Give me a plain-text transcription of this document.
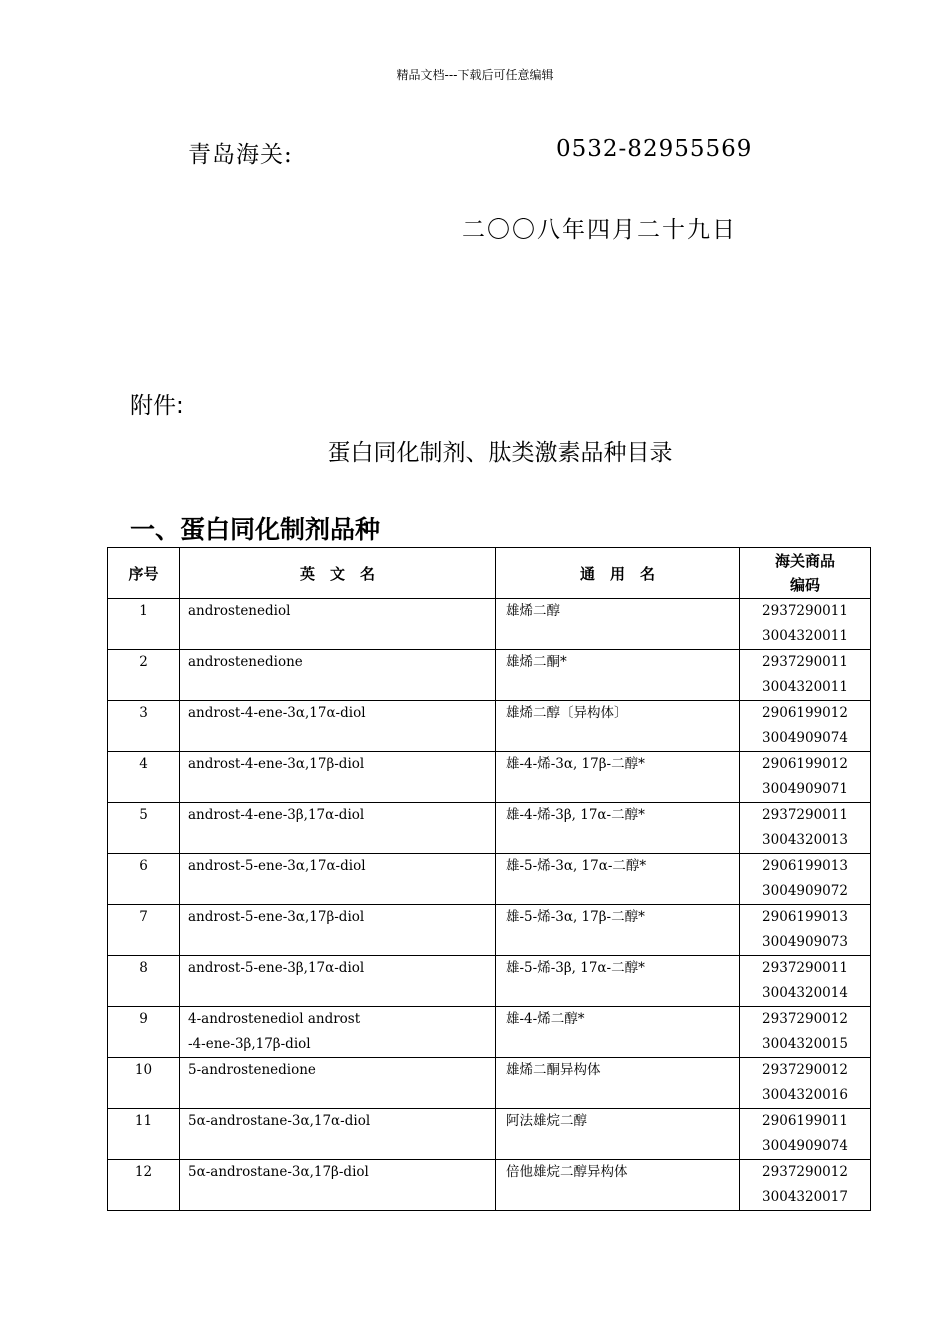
精品文档---下载后可任意编辑
青岛海关:	0532-82955569
二〇〇八年四月二十九日
附件:
蛋白同化制剂、肽类激素品种目录
一、蛋白同化制剂品种
序号	英　文　名	通　用　名	海关商品
编码

1	androstenediol	雄烯二醇	2937290011
3004320011

2	androstenedione	雄烯二酮*	2937290011
3004320011

3	androst-4-ene-3α,17α-diol	雄烯二醇〔异构体〕	2906199012
3004909074

4	androst-4-ene-3α,17β-diol	雄-4-烯-3α, 17β-二醇*	2906199012
3004909071

5	androst-4-ene-3β,17α-diol	雄-4-烯-3β, 17α-二醇*	2937290011
3004320013

6	androst-5-ene-3α,17α-diol	雄-5-烯-3α, 17α-二醇*	2906199013
3004909072

7	androst-5-ene-3α,17β-diol	雄-5-烯-3α, 17β-二醇*	2906199013
3004909073

8	androst-5-ene-3β,17α-diol	雄-5-烯-3β, 17α-二醇*	2937290011
3004320014

9	4-androstenediol androst
-4-ene-3β,17β-diol	雄-4-烯二醇*	2937290012
3004320015

10	5-androstenedione	雄烯二酮异构体	2937290012
3004320016

11	5α-androstane-3α,17α-diol	阿法雄烷二醇	2906199011
3004909074

12	5α-androstane-3α,17β-diol	倍他雄烷二醇异构体	2937290012
3004320017
